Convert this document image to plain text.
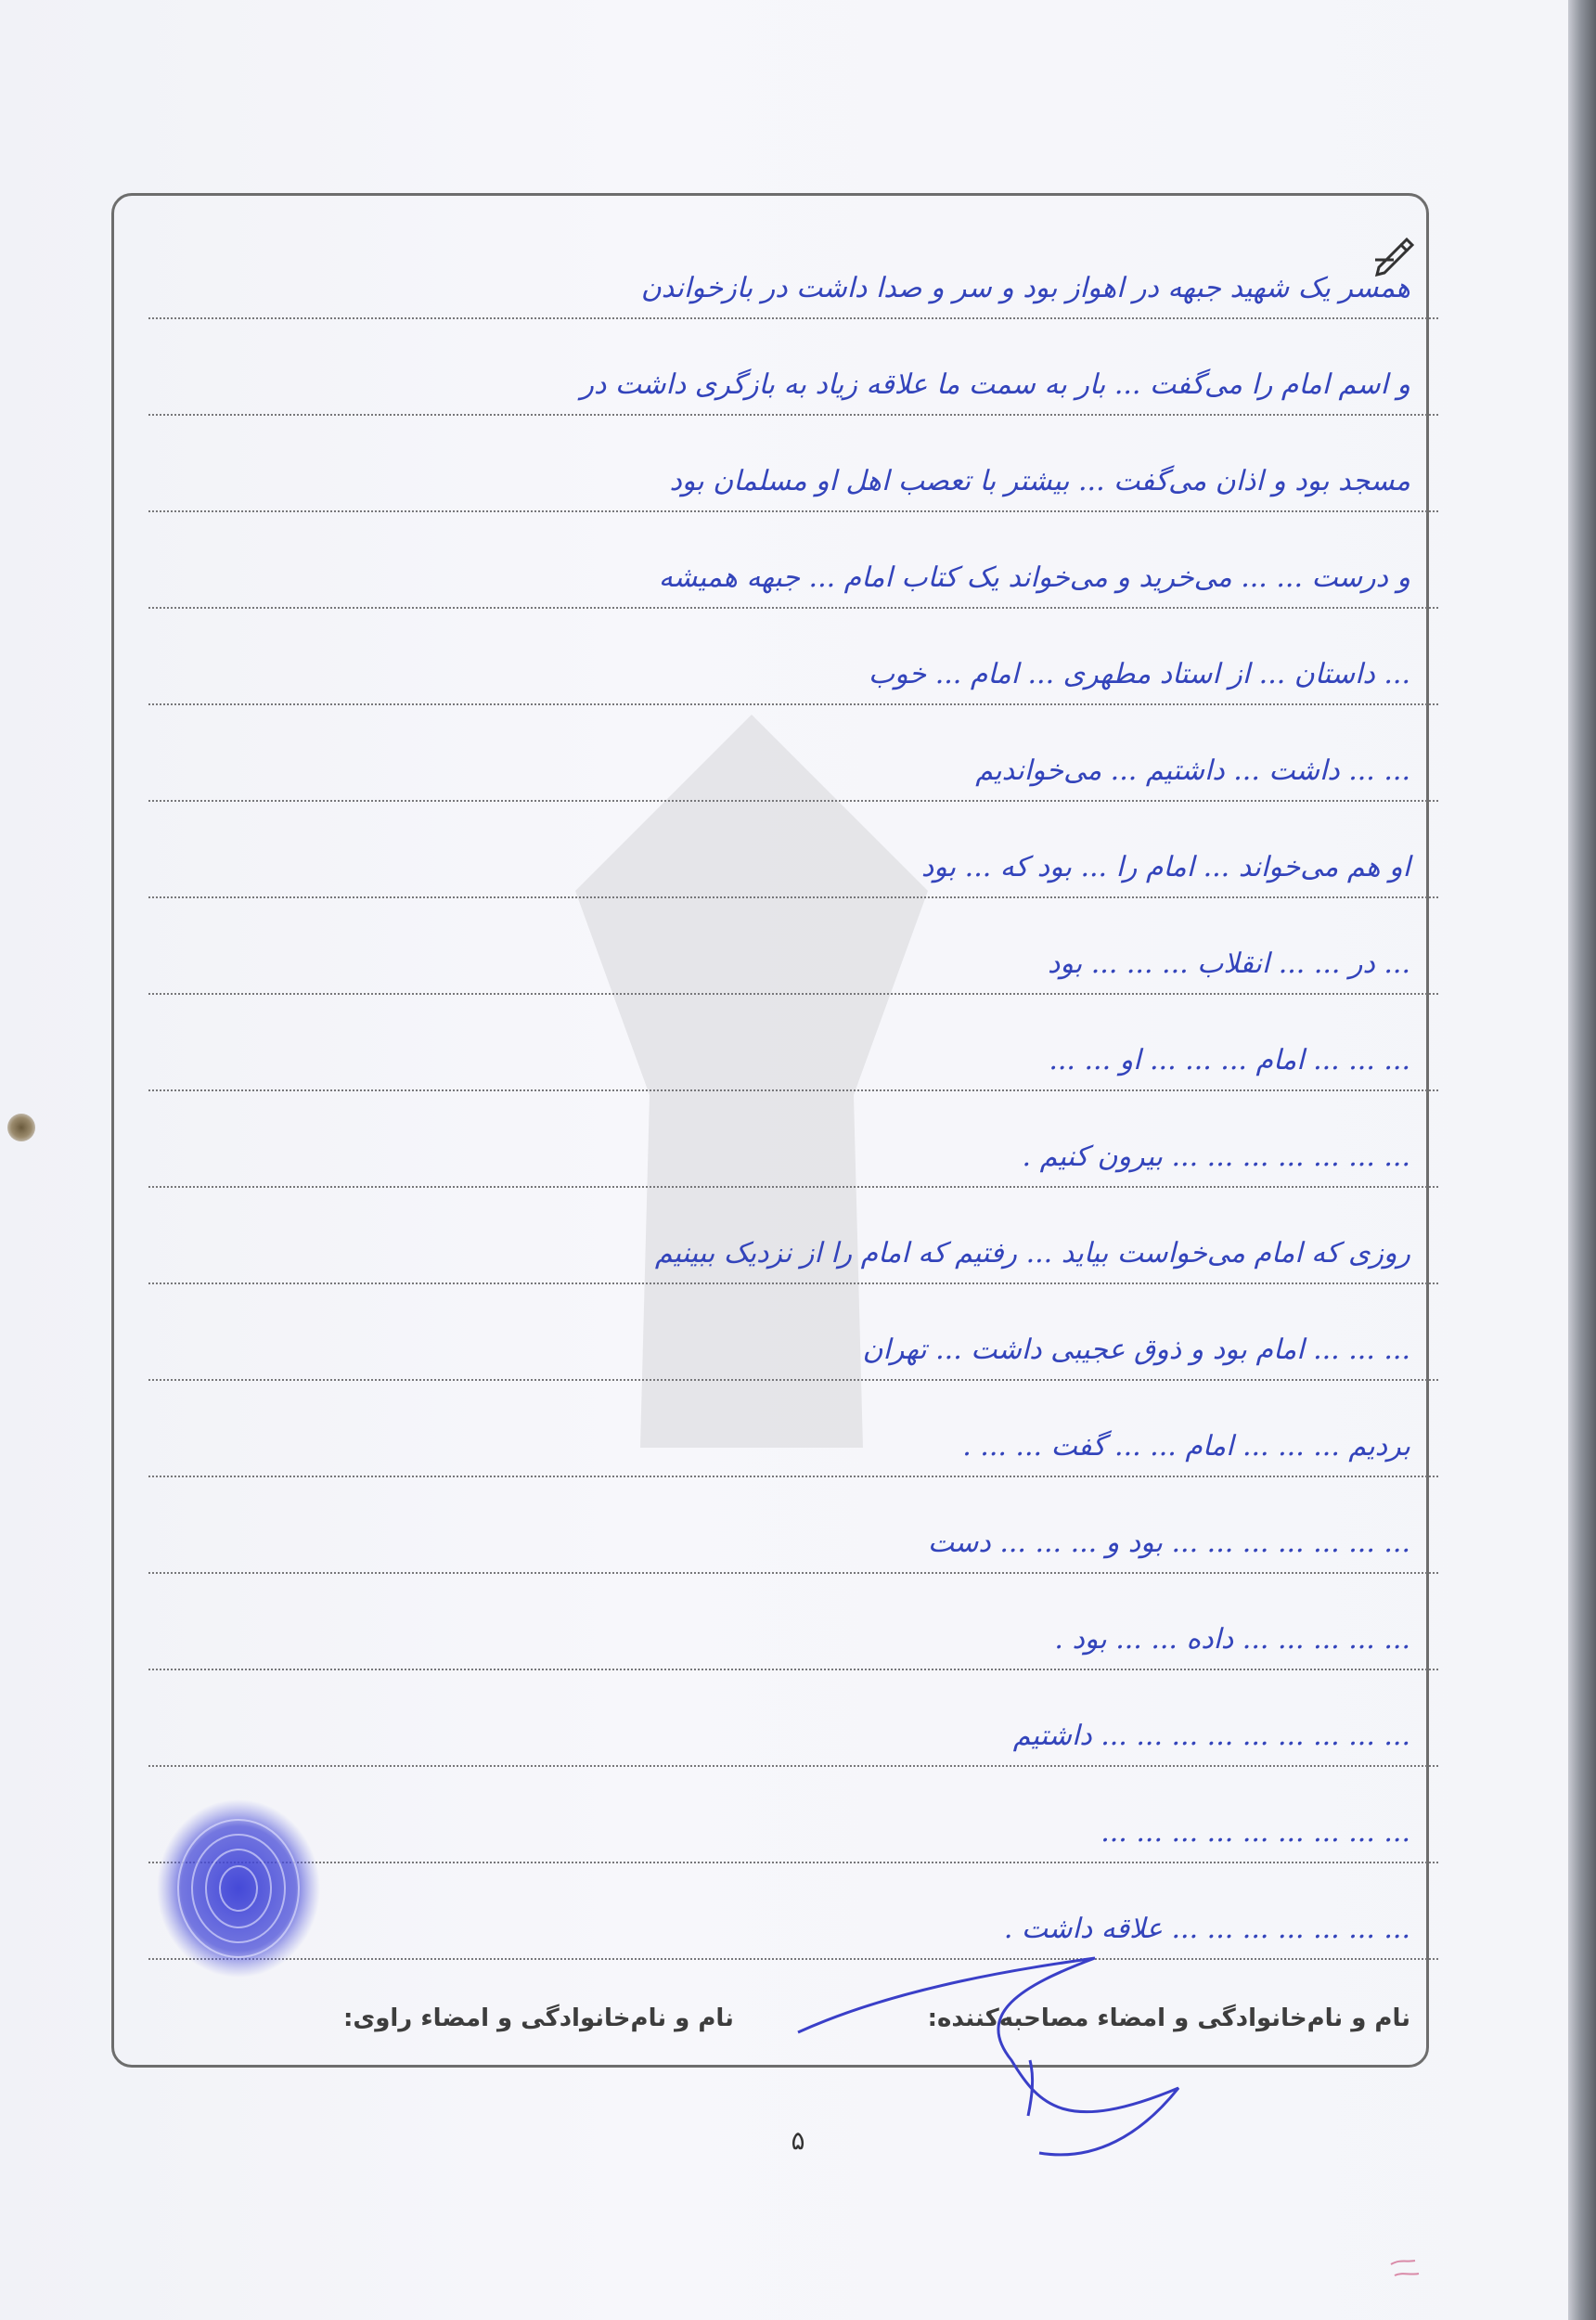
همسر یک شهید جبهه در اهواز بود و سر و صدا داشت در بازخواندن
و اسم امام را می‌گفت ... بار به سمت ما علاقه زیاد به بازگری داشت در
مسجد بود و اذان می‌گفت ... بیشتر با تعصب اهل او مسلمان بود
و درست ... ... می‌خرید و می‌خواند یک کتاب امام ... جبهه همیشه
... داستان ... از استاد مطهری ... امام ... خوب
... ... داشت ... داشتیم ... می‌خواندیم
او هم می‌خواند ... امام را ... بود که ... بود
... در ... ... انقلاب ... ... ... بود
... ... ... امام ... ... ... او ... ...
... ... ... ... ... ... ... بیرون کنیم .
روزی که امام می‌خواست بیاید ... رفتیم که امام را از نزدیک ببینیم
... ... ... امام بود و ذوق عجیبی داشت ... تهران
بردیم ... ... ... امام ... ... گفت ... ... .
... ... ... ... ... ... ... بود و ... ... ... دست
... ... ... ... ... داده ... ... بود .
... ... ... ... ... ... ... ... ... داشتیم
... ... ... ... ... ... ... ... ...
... ... ... ... ... ... ... علاقه داشت .
نام و نام‌خانوادگی و امضاء مصاحبه‌کننده:
نام و نام‌خانوادگی و امضاء راوی:
۵
